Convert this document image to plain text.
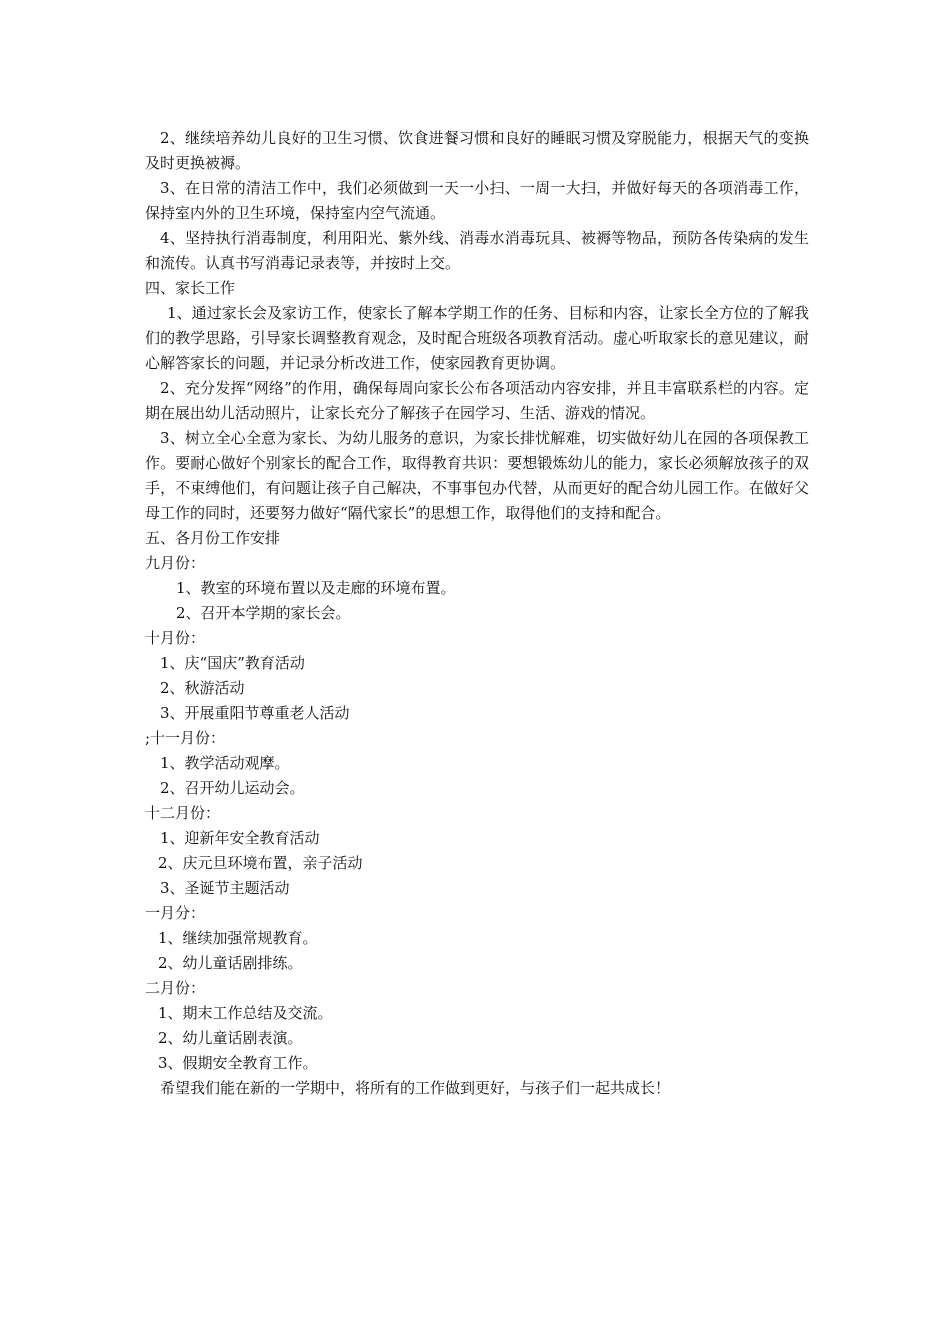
2、继续培养幼儿良好的卫生习惯、饮食进餐习惯和良好的睡眠习惯及穿脱能力，根据天气的变换及时更换被褥。

3、在日常的清洁工作中，我们必须做到一天一小扫、一周一大扫，并做好每天的各项消毒工作，保持室内外的卫生环境，保持室内空气流通。

4、坚持执行消毒制度，利用阳光、紫外线、消毒水消毒玩具、被褥等物品，预防各传染病的发生和流传。认真书写消毒记录表等，并按时上交。

四、家长工作

1、通过家长会及家访工作，使家长了解本学期工作的任务、目标和内容，让家长全方位的了解我们的教学思路，引导家长调整教育观念，及时配合班级各项教育活动。虚心听取家长的意见建议，耐心解答家长的问题，并记录分析改进工作，使家园教育更协调。

2、充分发挥“网络”的作用，确保每周向家长公布各项活动内容安排，并且丰富联系栏的内容。定期在展出幼儿活动照片，让家长充分了解孩子在园学习、生活、游戏的情况。

3、树立全心全意为家长、为幼儿服务的意识，为家长排忧解难，切实做好幼儿在园的各项保教工作。要耐心做好个别家长的配合工作，取得教育共识：要想锻炼幼儿的能力，家长必须解放孩子的双手，不束缚他们，有问题让孩子自己解决，不事事包办代替，从而更好的配合幼儿园工作。在做好父母工作的同时，还要努力做好“隔代家长”的思想工作，取得他们的支持和配合。

五、各月份工作安排

九月份：

1、教室的环境布置以及走廊的环境布置。

2、召开本学期的家长会。

十月份：

1、庆“国庆”教育活动

2、秋游活动

3、开展重阳节尊重老人活动

;十一月份：

1、教学活动观摩。

2、召开幼儿运动会。

十二月份：

1、迎新年安全教育活动

2、庆元旦环境布置，亲子活动

3、圣诞节主题活动

一月分：

1、继续加强常规教育。

2、幼儿童话剧排练。

二月份：

1、期末工作总结及交流。

2、幼儿童话剧表演。

3、假期安全教育工作。

希望我们能在新的一学期中，将所有的工作做到更好，与孩子们一起共成长！
